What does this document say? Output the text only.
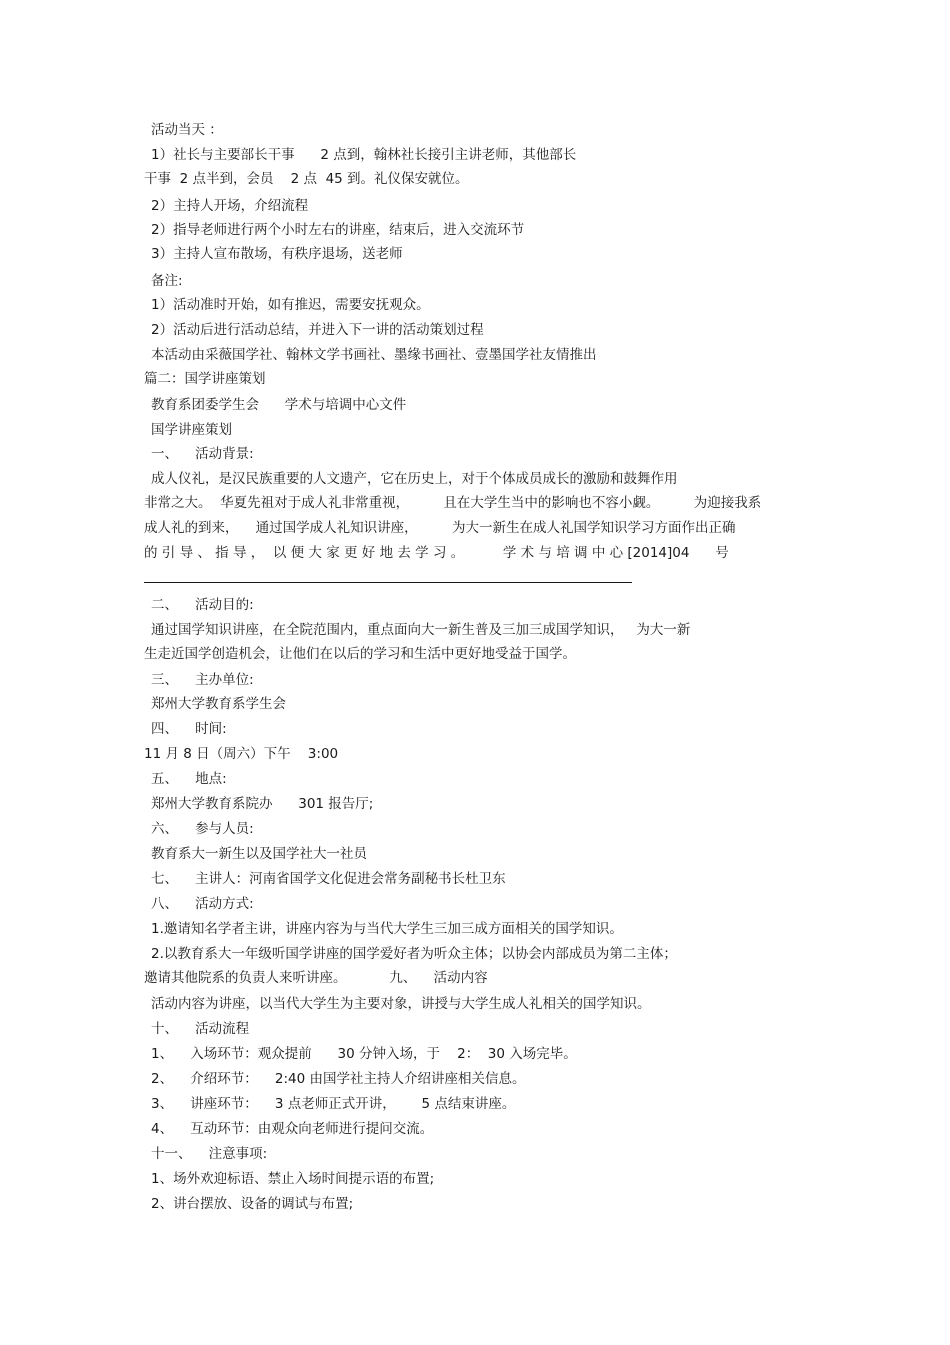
活动当天 ：

1）社长与主要部长干事      2 点到，翰林社长接引主讲老师，其他部长

干事  2 点半到，会员    2 点  45 到。礼仪保安就位。

2）主持人开场，介绍流程

2）指导老师进行两个小时左右的讲座，结束后，进入交流环节

3）主持人宣布散场，有秩序退场，送老师

备注:

1）活动准时开始，如有推迟，需要安抚观众。

2）活动后进行活动总结，并进入下一讲的活动策划过程

本活动由采薇国学社、翰林文学书画社、墨缘书画社、壹墨国学社友情推出

篇二：国学讲座策划

教育系团委学生会      学术与培调中心文件

国学讲座策划

一、    活动背景:

成人仪礼，是汉民族重要的人文遗产，它在历史上，对于个体成员成长的激励和鼓舞作用

非常之大。  华夏先祖对于成人礼非常重视，        且在大学生当中的影响也不容小觑。        为迎接我系

成人礼的到来，    通过国学成人礼知识讲座，        为大一新生在成人礼国学知识学习方面作出正确

的 引 导 、 指 导 ，  以 便 大 家 更 好 地 去 学 习 。         学 术 与 培 调 中 心 [2014]04      号

二、    活动目的:

通过国学知识讲座，在全院范围内，重点面向大一新生普及三加三成国学知识，   为大一新

生走近国学创造机会，让他们在以后的学习和生活中更好地受益于国学。

三、    主办单位:

郑州大学教育系学生会

四、    时间:

11 月 8 日（周六）下午    3:00

五、    地点:

郑州大学教育系院办      301 报告厅;

六、    参与人员:

教育系大一新生以及国学社大一社员

七、    主讲人：河南省国学文化促进会常务副秘书长杜卫东

八、    活动方式:

1.邀请知名学者主讲，讲座内容为与当代大学生三加三成方面相关的国学知识。

2.以教育系大一年级听国学讲座的国学爱好者为听众主体；以协会内部成员为第二主体；

邀请其他院系的负责人来听讲座。          九、    活动内容

活动内容为讲座，以当代大学生为主要对象，讲授与大学生成人礼相关的国学知识。

十、    活动流程

1、    入场环节：观众提前      30 分钟入场，于    2：  30 入场完毕。

2、    介绍环节：    2:40 由国学社主持人介绍讲座相关信息。

3、    讲座环节：    3 点老师正式开讲，      5 点结束讲座。

4、    互动环节：由观众向老师进行提问交流。

十一、    注意事项:

1、场外欢迎标语、禁止入场时间提示语的布置;

2、讲台摆放、设备的调试与布置;
